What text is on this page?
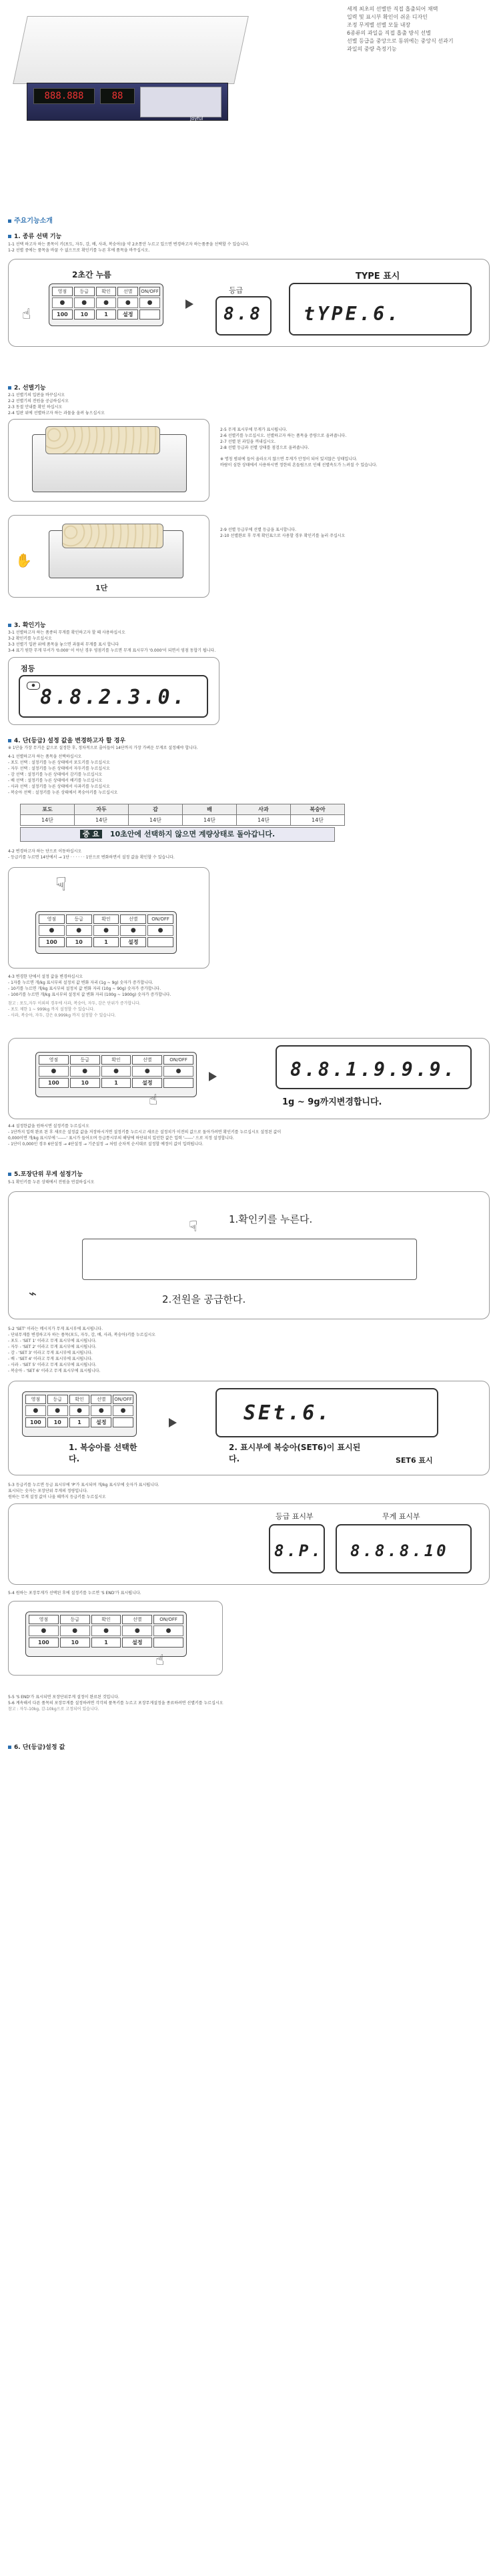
888.888	88
Joyful
세계 최초의 선별만 직접 흡출되어 채택
입력 및 표시부 확인이 쉬운 디자인
조정 무게별 선별 모듈 내장
6종류의 과일을 직접 흡출 방식 선별
선별 등급을 중앙으로 동위에는 중앙식 선과기
과일의 중량 측정기능
주요기능소개
1. 종류 선택 기능
1-1 선택 하고자 하는 품목이 키(포도, 자두, 감, 배, 사과, 복숭아)을 약 2초통안 누르고 있으면 변경하고자 하는품종을 선택할 수 있습니다.
1-2 선별 중에는 품목을 바꿀 수 없으므로 확인키를 누른 후에 품목을 바꾸십시오.
2초간 누름
영점	등급	확인	선별	ON/OFF
●	●	●	●	●
100	10	1	설정
☝
TYPE 표시
등급
8.8 tYPE.6.
2. 선별기능
2-1 선별기의 입판을 바꾸십시오
2-2 선별기의 전원을 공급하십시오
2-3 동절 안내를 확인 하십시오
2-4 입판 위에 선별하고자 하는 과물을 올려 놓으십시오
2-5 무게 표시부에 무게가 표시됩니다.
2-6 선별키를 누르십시오. 선별하고자 하는 품목을 증량으로 올려줍니다.
2-7 선별 된 과일을 꺼내십시오.
2-8 선별 등급과 선별 상태를 점검으로 올려줍니다.
※ 명칭 범위에 들어 올라오지 않으면 무게가 안정이 되어 있지않은 상태입니다.
바람이 심한 상태에서 사용하시면 정한의 흔들림으로 인해 선별속도가 느려질 수 있습니다.
1단
✋
2-9 선별 등급부에 선별 등급을 표시합니다.
2-10 선별완료 후 무게 확인표으로 사용할 경우 확인키를 눌러 주십시오
3. 확인기능
3-1 선별하고자 하는 품종의 무게를 확인하고자 할 때 사용하십시오
3-2 확인키를 누르십시오
3-3 선별기 입판 위에 품목을 놓으면 과물의 무게를 표시 합니다
3-4 표기 원한 무게 부서가 '0.000' 이 아닌 경우 영점키를 누르면 무게 표시부가 '0.000'이 되면서 영점 동합기 됩니다.
점등
●
8.8.2.3.0.
4. 단(등급) 설정 값을 변경하고자 할 경우
※ 1단을 가장 무거운 값으로 설정한 후, 정차적으로 줄어들어 14단까지 가장 가벼운 무게로 설정해야 합니다.
4-1 선별하고자 하는 품목을 선택하십시오
- 포도 선택 : 설정키를 누른 상태에서 포도키를 누르십시오
- 자두 선택 : 설정키를 누른 상태에서 자두키를 누르십시오
- 감 선택 : 설정키를 누른 상태에서 감키를 누르십시오
- 배 선택 : 설정키를 누른 상태에서 배키를 누르십시오
- 사과 선택 : 설정키를 누른 상태에서 사과키를 누르십시오
- 복숭아 선택 : 설정키를 누른 상태에서 복숭아키를 누르십시오
포도	자두	감	배	사과	복숭아
14단	14단	14단	14단	14단	14단
중 요 10초안에 선택하지 않으면 계량상태로 돌아갑니다.
4-2 변경하고자 하는 단으로 이동하십시오
- 등급키를 누르면 14단에서 → 1단 · · · · · · 1단으로 변화하면서 설정 값을 확인할 수 있습니다.
☟
영점	등급	확인	선별	ON/OFF
●	●	●	●	●
100	10	1	설정
4-3 변경한 단에서 설정 값을 변경하십시오
- 1자를 누르면 개/kg 표시부의 설정치 값 변화 자리 (1g ~ 9g) 숫자가 증가합니다.
- 10키를 누르면 개/kg 표시부의 설정치 값 변화 자리 (10g ~ 90g) 숫자가 증가합니다.
- 100키를 누르면 개/kg 표시부의 설정치 값 변화 자리 (100g ~ 1900g) 숫자가 증가합니다.
참고 : 포도,자두 이외의 경우에 사과, 복숭아, 자두, 감은 단위가 증가합니다.
- 포도 제한 1 ~ 999kg 까지 설정할 수 있습니다.
- 사과, 복숭아, 자두, 감은 0.999kg 까지 설정할 수 있습니다.
영점	등급	확인	선별	ON/OFF
●	●	●	●	●
100	10	1	설정
☝
8.8.1.9.9.9.
1g ~ 9g까지변경합니다.
4-4 설정한값을 원하시면 설정키를 누르십시오
- 1단까지 입력 완료 된 후 새로운 설정값 값을 저장하시거면 설정키를 누르시고 새로운 설정치가 이전의 값으로 돌아가려면 확인키를 누르십시오 설정된 값이
0,000이면 개/kg 표시부에 '------' 표시가 들어오며 등급통시부의 해당에 하단위치 있던한 값은 입력 '------' 으로 지정 설정합니다.
- 1단이 0,000인 경우 6단설정 → 4단설정 → 기준설정 → 처럼 순차적 순서대로 설정할 예정이 값이 입력됩니다.
5.포장단위 무게 설정기능
5-1 확인키를 누른 상태에서 전원을 연결하십시오
1.확인키를 누른다.
☟
⌁	2.전원을 공급한다.
5-2 'SET' 이라는 메시지가 무게 표시부에 표시됩니다.
- 단위무게를 변경하고자 하는 품목(포도, 자두, 감, 배, 사과, 복숭아)키를 누르십시오
- 포도 - 'SET 1' 이라고 무게 표시부에 표시됩니다.
- 자두 - 'SET 2' 이라고 무게 표시부에 표시됩니다.
- 감 - 'SET 3' 이라고 무게 표시부에 표시됩니다.
- 배 - 'SET 4' 이라고 무게 표시부에 표시됩니다.
- 사과 - 'SET 5' 이라고 무게 표시부에 표시됩니다.
- 복숭아 - 'SET 6' 이라고 무게 표시부에 표시됩니다.
영점	등급	확인	선별	ON/OFF
●	●	●	●	●
100	10	1	설정
1. 복숭아를 선택한다.
SEt.6.
2. 표시부에 복숭아(SET6)이 표시된다.	SET6 표시
5-3 등급키를 누르면 등급 표시부에 'P'가 표시되며 개/kg 표시부에 숫자가 표시됩니다.
표시되는 숫자는 포장단위 무게의 정량입니다.
원하는 무게 설정 값이 나올 때까지 등급키를 누르십시오
등급 표시부	무게 표시부
8.P. 8.8.8.10
5-4 원하는 포장무게가 선택된 후에 설정키를 누르면 'S END'가 표시됩니다.
영점	등급	확인	선별	ON/OFF
●	●	●	●	●
100	10	1	설정
☝
5-5 'S END'가 표시되면 포장단위무게 설정이 완료된 것입니다.
5-6 계속해서 다른 품목의 포장무게를 설정하려면 각각의 품목키를 누르고 포장무게설정을 종료하려면 선별키를 누르십시오
참고 : 자두-10kg, 감-10kg으로 고정되어 있습니다.
6. 단(등급)설정 값
